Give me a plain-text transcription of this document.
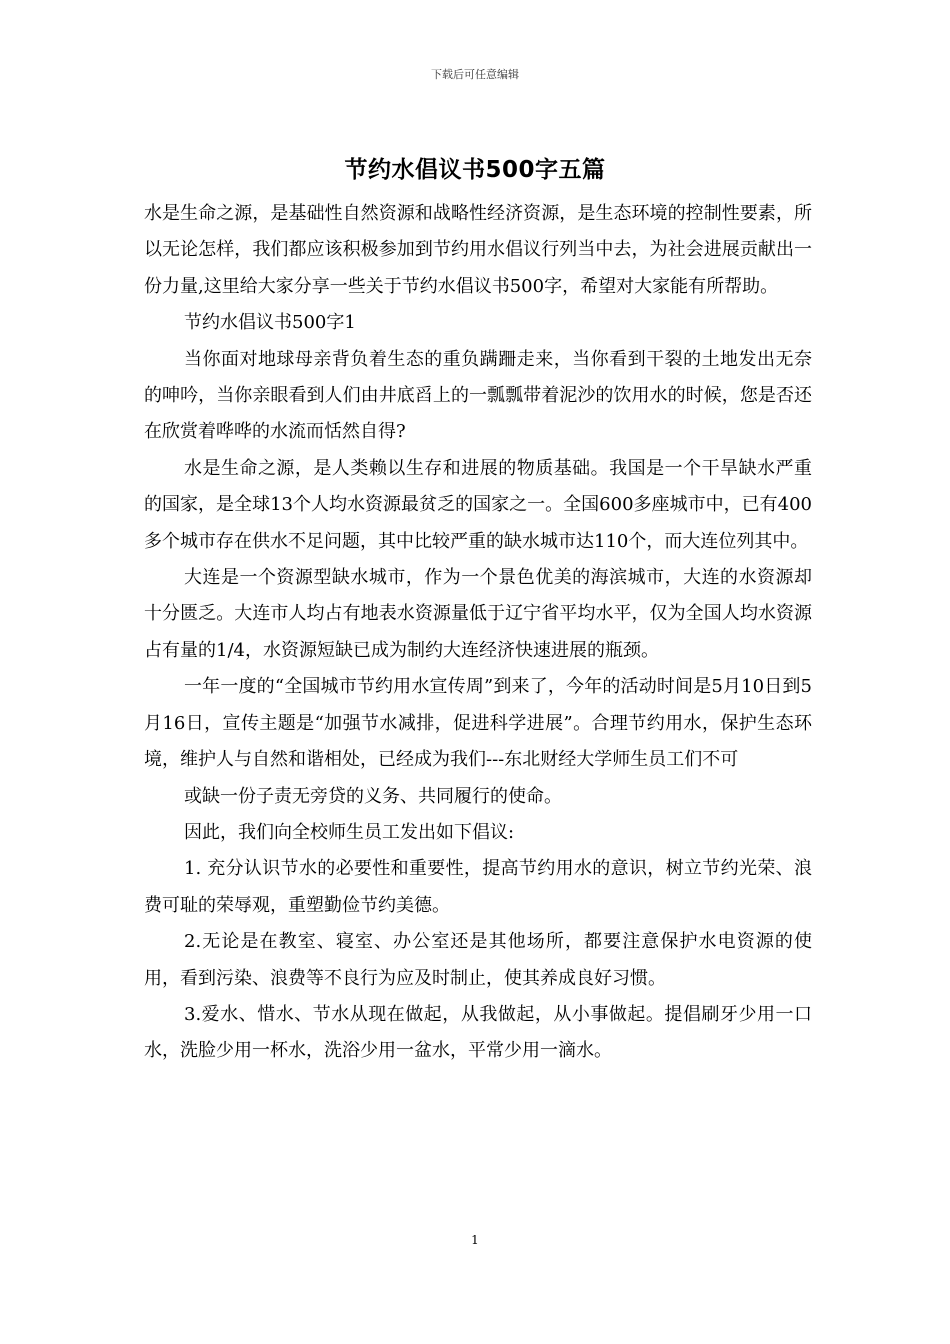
下载后可任意编辑
节约水倡议书500字五篇

水是生命之源，是基础性自然资源和战略性经济资源，是生态环境的控制性要素，所以无论怎样，我们都应该积极参加到节约用水倡议行列当中去，为社会进展贡献出一份力量,这里给大家分享一些关于节约水倡议书500字，希望对大家能有所帮助。

节约水倡议书500字1

当你面对地球母亲背负着生态的重负蹒跚走来，当你看到干裂的土地发出无奈的呻吟，当你亲眼看到人们由井底舀上的一瓢瓢带着泥沙的饮用水的时候，您是否还在欣赏着哗哗的水流而恬然自得?

水是生命之源，是人类赖以生存和进展的物质基础。我国是一个干旱缺水严重的国家，是全球13个人均水资源最贫乏的国家之一。全国600多座城市中，已有400多个城市存在供水不足问题，其中比较严重的缺水城市达110个，而大连位列其中。

大连是一个资源型缺水城市，作为一个景色优美的海滨城市，大连的水资源却十分匮乏。大连市人均占有地表水资源量低于辽宁省平均水平，仅为全国人均水资源占有量的1/4，水资源短缺已成为制约大连经济快速进展的瓶颈。

一年一度的“全国城市节约用水宣传周”到来了，今年的活动时间是5月10日到5月16日，宣传主题是“加强节水减排，促进科学进展”。合理节约用水，保护生态环境，维护人与自然和谐相处，已经成为我们---东北财经大学师生员工们不可

或缺一份子责无旁贷的义务、共同履行的使命。

因此，我们向全校师生员工发出如下倡议:

1. 充分认识节水的必要性和重要性，提高节约用水的意识，树立节约光荣、浪费可耻的荣辱观，重塑勤俭节约美德。

2.无论是在教室、寝室、办公室还是其他场所，都要注意保护水电资源的使用，看到污染、浪费等不良行为应及时制止，使其养成良好习惯。

3.爱水、惜水、节水从现在做起，从我做起，从小事做起。提倡刷牙少用一口水，洗脸少用一杯水，洗浴少用一盆水，平常少用一滴水。

1
